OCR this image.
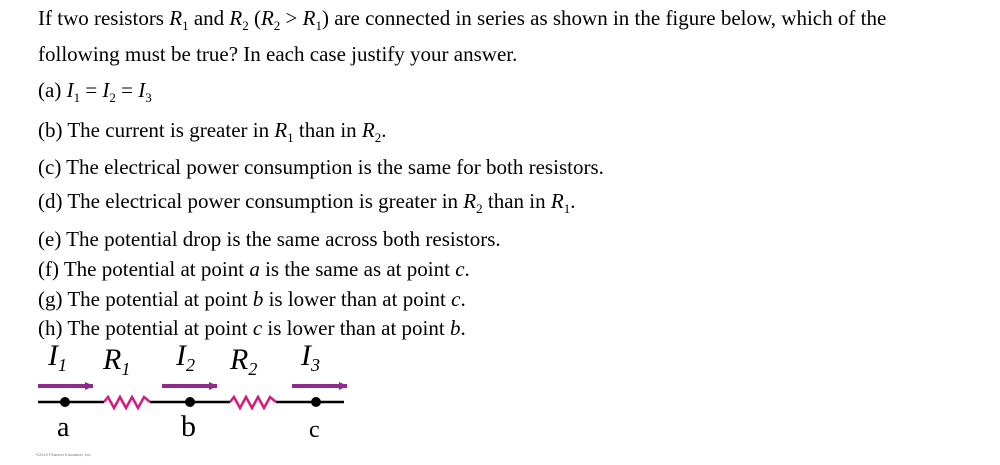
If two resistors $R_1$ and $R_2$ $(R_2 > R_1)$ are connected in series as shown in the figure below, which of the
following must be true? In each case justify your answer.
(a) $I_1 = I_2 = I_3$
(b) The current is greater in $R_1$ than in $R_2$.
(c) The electrical power consumption is the same for both resistors.
(d) The electrical power consumption is greater in $R_2$ than in $R_1$.
(e) The potential drop is the same across both resistors.
(f) The potential at point a is the same as at point c.
(g) The potential at point b is lower than at point c.
(h) The potential at point c is lower than at point b.
$I_1$ $R_1$ $I_2$ $R_2$ $I_3$
a	b	c
©2010 Pearson Education, Inc.
